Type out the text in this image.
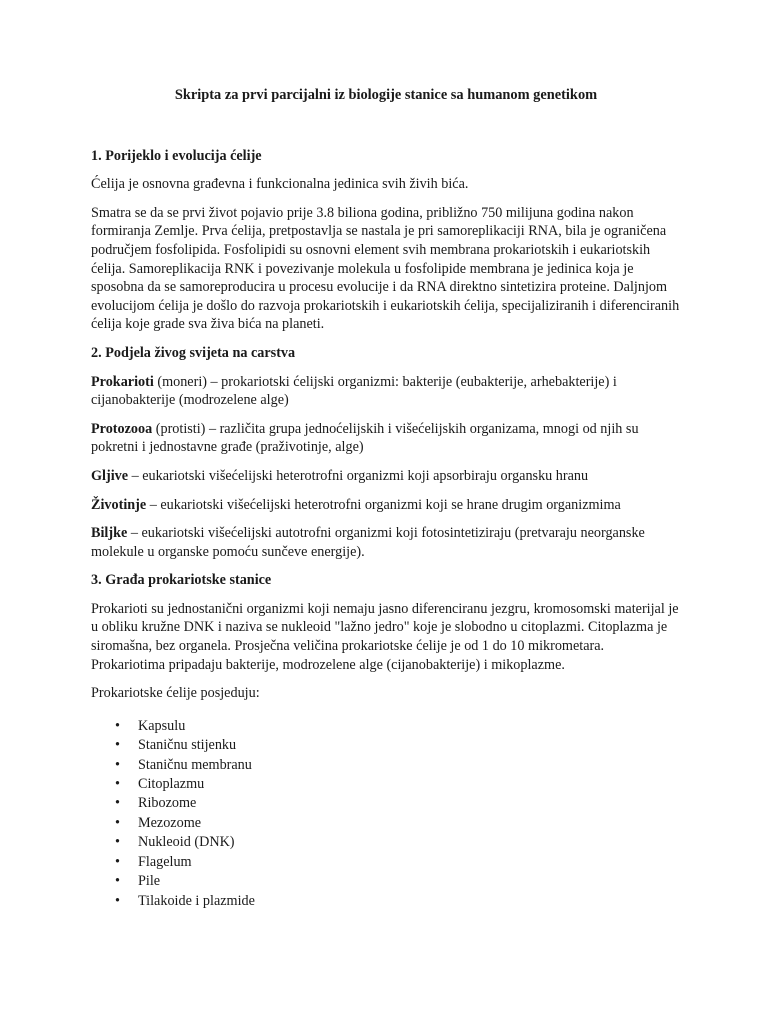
Skripta za prvi parcijalni iz biologije stanice sa humanom genetikom
1. Porijeklo i evolucija ćelije

Ćelija je osnovna građevna i funkcionalna jedinica svih živih bića.

Smatra se da se prvi život pojavio prije 3.8 biliona godina, približno 750 milijuna godina nakon formiranja Zemlje. Prva ćelija, pretpostavlja se nastala je pri samoreplikaciji RNA, bila je ograničena područjem fosfolipida. Fosfolipidi su osnovni element svih membrana prokariotskih i eukariotskih ćelija. Samoreplikacija RNK i povezivanje molekula u fosfolipide membrana je jedinica koja je sposobna da se samoreproducira u procesu evolucije i da RNA direktno sintetizira proteine. Daljnjom evolucijom ćelija je došlo do razvoja prokariotskih i eukariotskih ćelija, specijaliziranih i diferenciranih ćelija koje grade sva živa bića na planeti.

2. Podjela živog svijeta na carstva

Prokarioti (moneri) – prokariotski ćelijski organizmi: bakterije (eubakterije, arhebakterije) i cijanobakterije (modrozelene alge)

Protozooa (protisti) – različita grupa jednoćelijskih i višećelijskih organizama, mnogi od njih su pokretni i jednostavne građe (praživotinje, alge)

Gljive – eukariotski višećelijski heterotrofni organizmi koji apsorbiraju organsku hranu

Životinje – eukariotski višećelijski heterotrofni organizmi koji se hrane drugim organizmima

Biljke – eukariotski višećelijski autotrofni organizmi koji fotosintetiziraju (pretvaraju neorganske molekule u organske pomoću sunčeve energije).

3. Građa prokariotske stanice

Prokarioti su jednostanični organizmi koji nemaju jasno diferenciranu jezgru, kromosomski materijal je u obliku kružne DNK i naziva se nukleoid "lažno jedro" koje je slobodno u citoplazmi. Citoplazma je siromašna, bez organela. Prosječna veličina prokariotske ćelije je od 1 do 10 mikrometara. Prokariotima pripadaju bakterije, modrozelene alge (cijanobakterije) i mikoplazme.

Prokariotske ćelije posjeduju:

• Kapsulu
• Staničnu stijenku
• Staničnu membranu
• Citoplazmu
• Ribozome
• Mezozome
• Nukleoid (DNK)
• Flagelum
• Pile
• Tilakoide i plazmide
